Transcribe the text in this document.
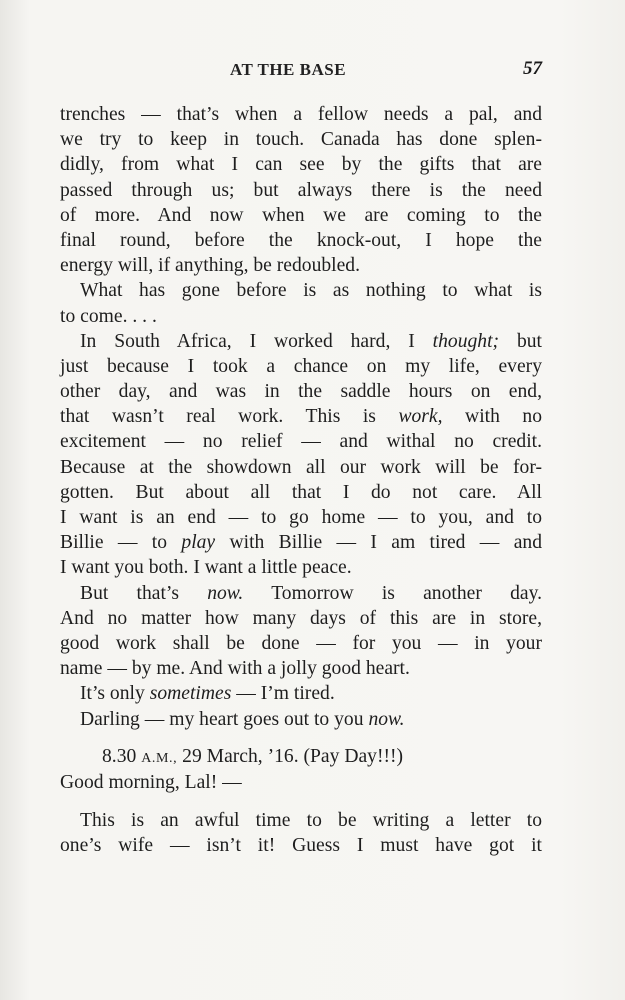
AT THE BASE	57
trenches — that’s when a fellow needs a pal, and
we try to keep in touch. Canada has done splen-
didly, from what I can see by the gifts that are
passed through us; but always there is the need
of more. And now when we are coming to the
final round, before the knock-out, I hope the
energy will, if anything, be redoubled.
What has gone before is as nothing to what is
to come. . . .
In South Africa, I worked hard, I thought; but
just because I took a chance on my life, every
other day, and was in the saddle hours on end,
that wasn’t real work. This is work, with no
excitement — no relief — and withal no credit.
Because at the showdown all our work will be for-
gotten. But about all that I do not care. All
I want is an end — to go home — to you, and to
Billie — to play with Billie — I am tired — and
I want you both. I want a little peace.
But that’s now. Tomorrow is another day.
And no matter how many days of this are in store,
good work shall be done — for you — in your
name — by me. And with a jolly good heart.
It’s only sometimes — I’m tired.
Darling — my heart goes out to you now.
8.30 A.M., 29 March, ’16. (Pay Day!!!)
Good morning, Lal! —
This is an awful time to be writing a letter to
one’s wife — isn’t it! Guess I must have got it
